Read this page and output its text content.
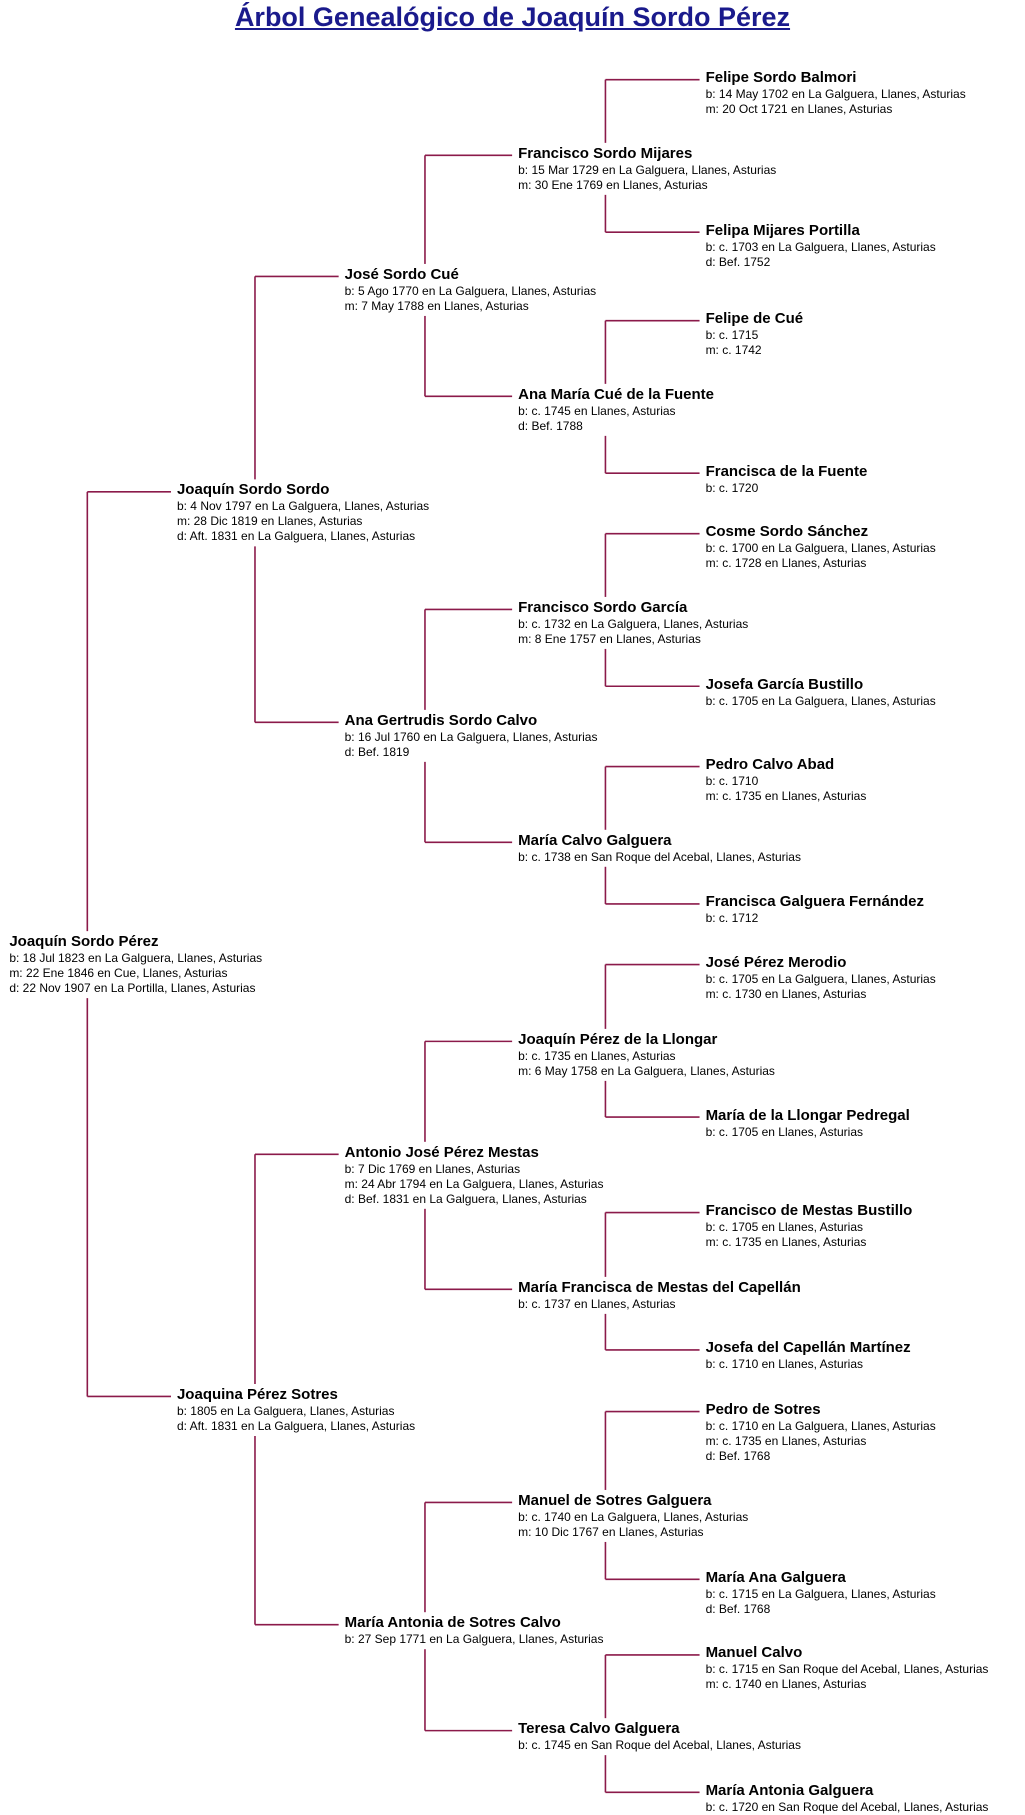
Árbol Genealógico de Joaquín Sordo Pérez
Joaquín Sordo Pérez
b: 18 Jul 1823 en La Galguera, Llanes, Asturias
m: 22 Ene 1846 en Cue, Llanes, Asturias
d: 22 Nov 1907 en La Portilla, Llanes, Asturias
Joaquín Sordo Sordo
b: 4 Nov 1797 en La Galguera, Llanes, Asturias
m: 28 Dic 1819 en Llanes, Asturias
d: Aft. 1831 en La Galguera, Llanes, Asturias
Joaquina Pérez Sotres
b: 1805 en La Galguera, Llanes, Asturias
d: Aft. 1831 en La Galguera, Llanes, Asturias
José Sordo Cué
b: 5 Ago 1770 en La Galguera, Llanes, Asturias
m: 7 May 1788 en Llanes, Asturias
Ana Gertrudis Sordo Calvo
b: 16 Jul 1760 en La Galguera, Llanes, Asturias
d: Bef. 1819
Antonio José Pérez Mestas
b: 7 Dic 1769 en Llanes, Asturias
m: 24 Abr 1794 en La Galguera, Llanes, Asturias
d: Bef. 1831 en La Galguera, Llanes, Asturias
María Antonia de Sotres Calvo
b: 27 Sep 1771 en La Galguera, Llanes, Asturias
Francisco Sordo Mijares
b: 15 Mar 1729 en La Galguera, Llanes, Asturias
m: 30 Ene 1769 en Llanes, Asturias
Ana María Cué de la Fuente
b: c. 1745 en Llanes, Asturias
d: Bef. 1788
Francisco Sordo García
b: c. 1732 en La Galguera, Llanes, Asturias
m: 8 Ene 1757 en Llanes, Asturias
María Calvo Galguera
b: c. 1738 en San Roque del Acebal, Llanes, Asturias
Joaquín Pérez de la Llongar
b: c. 1735 en Llanes, Asturias
m: 6 May 1758 en La Galguera, Llanes, Asturias
María Francisca de Mestas del Capellán
b: c. 1737 en Llanes, Asturias
Manuel de Sotres Galguera
b: c. 1740 en La Galguera, Llanes, Asturias
m: 10 Dic 1767 en Llanes, Asturias
Teresa Calvo Galguera
b: c. 1745 en San Roque del Acebal, Llanes, Asturias
Felipe Sordo Balmori
b: 14 May 1702 en La Galguera, Llanes, Asturias
m: 20 Oct 1721 en Llanes, Asturias
Felipa Mijares Portilla
b: c. 1703 en La Galguera, Llanes, Asturias
d: Bef. 1752
Felipe de Cué
b: c. 1715
m: c. 1742
Francisca de la Fuente
b: c. 1720
Cosme Sordo Sánchez
b: c. 1700 en La Galguera, Llanes, Asturias
m: c. 1728 en Llanes, Asturias
Josefa García Bustillo
b: c. 1705 en La Galguera, Llanes, Asturias
Pedro Calvo Abad
b: c. 1710
m: c. 1735 en Llanes, Asturias
Francisca Galguera Fernández
b: c. 1712
José Pérez Merodio
b: c. 1705 en La Galguera, Llanes, Asturias
m: c. 1730 en Llanes, Asturias
María de la Llongar Pedregal
b: c. 1705 en Llanes, Asturias
Francisco de Mestas Bustillo
b: c. 1705 en Llanes, Asturias
m: c. 1735 en Llanes, Asturias
Josefa del Capellán Martínez
b: c. 1710 en Llanes, Asturias
Pedro de Sotres
b: c. 1710 en La Galguera, Llanes, Asturias
m: c. 1735 en Llanes, Asturias
d: Bef. 1768
María Ana Galguera
b: c. 1715 en La Galguera, Llanes, Asturias
d: Bef. 1768
Manuel Calvo
b: c. 1715 en San Roque del Acebal, Llanes, Asturias
m: c. 1740 en Llanes, Asturias
María Antonia Galguera
b: c. 1720 en San Roque del Acebal, Llanes, Asturias
